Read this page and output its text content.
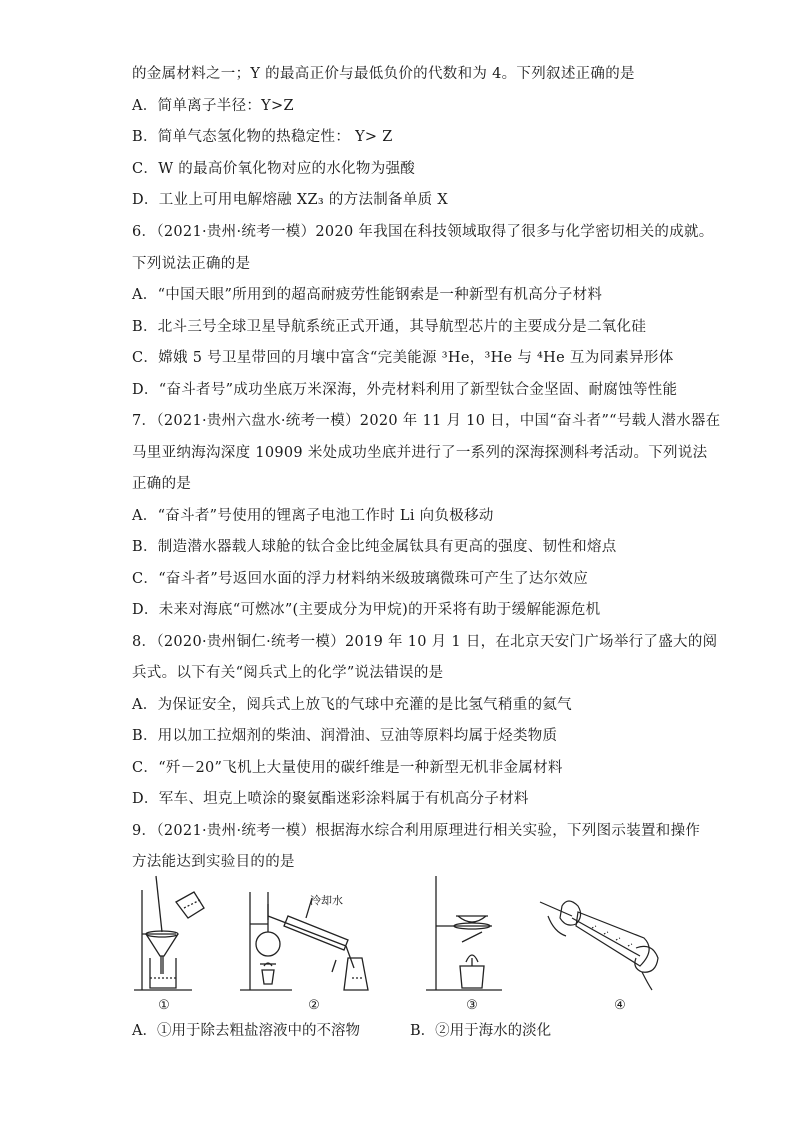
的金属材料之一；Y 的最高正价与最低负价的代数和为 4。下列叙述正确的是
A．简单离子半径：Y>Z
B．简单气态氢化物的热稳定性： Y> Z
C．W 的最高价氧化物对应的水化物为强酸
D．工业上可用电解熔融 XZ₃ 的方法制备单质 X
6．（2021·贵州·统考一模）2020 年我国在科技领域取得了很多与化学密切相关的成就。
下列说法正确的是
A．“中国天眼”所用到的超高耐疲劳性能钢索是一种新型有机高分子材料
B．北斗三号全球卫星导航系统正式开通，其导航型芯片的主要成分是二氧化硅
C．嫦娥 5 号卫星带回的月壤中富含“完美能源 ³He，³He 与 ⁴He 互为同素异形体
D．“奋斗者号”成功坐底万米深海，外壳材料利用了新型钛合金坚固、耐腐蚀等性能
7．（2021·贵州六盘水·统考一模）2020 年 11 月 10 日，中国“奋斗者”“号载人潜水器在
马里亚纳海沟深度 10909 米处成功坐底并进行了一系列的深海探测科考活动。下列说法
正确的是
A．“奋斗者”号使用的锂离子电池工作时 Li 向负极移动
B．制造潜水器载人球舱的钛合金比纯金属钛具有更高的强度、韧性和熔点
C．“奋斗者”号返回水面的浮力材料纳米级玻璃微珠可产生了达尔效应
D．未来对海底“可燃冰”(主要成分为甲烷)的开采将有助于缓解能源危机
8．（2020·贵州铜仁·统考一模）2019 年 10 月 1 日，在北京天安门广场举行了盛大的阅
兵式。以下有关“阅兵式上的化学”说法错误的是
A．为保证安全，阅兵式上放飞的气球中充灌的是比氢气稍重的氦气
B．用以加工拉烟剂的柴油、润滑油、豆油等原料均属于烃类物质
C．“歼－20”飞机上大量使用的碳纤维是一种新型无机非金属材料
D．军车、坦克上喷涂的聚氨酯迷彩涂料属于有机高分子材料
9．（2021·贵州·统考一模）根据海水综合利用原理进行相关实验，下列图示装置和操作
方法能达到实验目的的是
①
冷却水
②	③	④
A．①用于除去粗盐溶液中的不溶物	B．②用于海水的淡化
